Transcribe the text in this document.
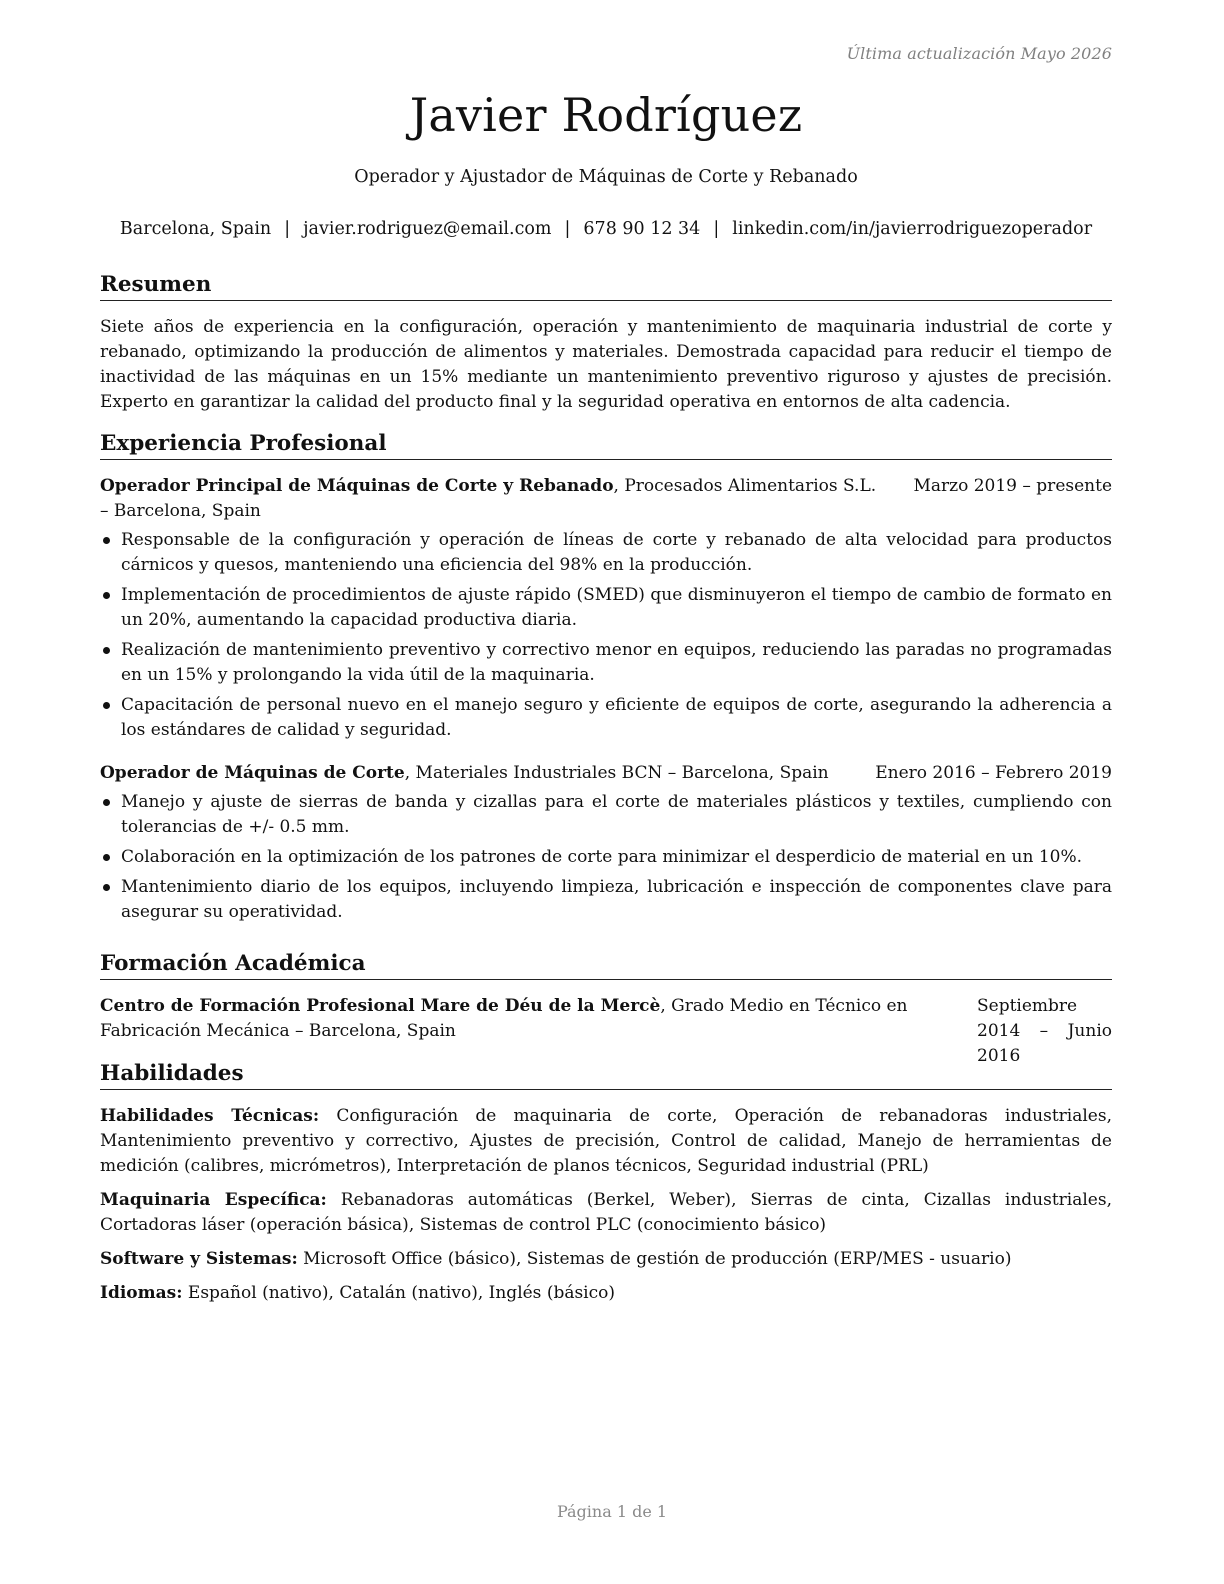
Última actualización Mayo 2026
Javier Rodríguez
Operador y Ajustador de Máquinas de Corte y Rebanado
Barcelona, Spain | javier.rodriguez@email.com | 678 90 12 34 | linkedin.com/in/javierrodriguezoperador
Resumen

Siete años de experiencia en la configuración, operación y mantenimiento de maquinaria industrial de corte y rebanado, optimizando la producción de alimentos y materiales. Demostrada capacidad para reducir el tiempo de inactividad de las máquinas en un 15% mediante un mantenimiento preventivo riguroso y ajustes de precisión. Experto en garantizar la calidad del producto final y la seguridad operativa en entornos de alta cadencia.

Experiencia Profesional
Operador Principal de Máquinas de Corte y Rebanado, Procesados Alimentarios S.L. – Barcelona, Spain
Marzo 2019 – presente
Responsable de la configuración y operación de líneas de corte y rebanado de alta velocidad para productos cárnicos y quesos, manteniendo una eficiencia del 98% en la producción.
Implementación de procedimientos de ajuste rápido (SMED) que disminuyeron el tiempo de cambio de formato en un 20%, aumentando la capacidad productiva diaria.
Realización de mantenimiento preventivo y correctivo menor en equipos, reduciendo las paradas no programadas en un 15% y prolongando la vida útil de la maquinaria.
Capacitación de personal nuevo en el manejo seguro y eficiente de equipos de corte, asegurando la adherencia a los estándares de calidad y seguridad.
Operador de Máquinas de Corte, Materiales Industriales BCN – Barcelona, Spain	Enero 2016 – Febrero 2019
Manejo y ajuste de sierras de banda y cizallas para el corte de materiales plásticos y textiles, cumpliendo con tolerancias de +/- 0.5 mm.
Colaboración en la optimización de los patrones de corte para minimizar el desperdicio de material en un 10%.
Mantenimiento diario de los equipos, incluyendo limpieza, lubricación e inspección de componentes clave para asegurar su operatividad.
Formación Académica
Centro de Formación Profesional Mare de Déu de la Mercè, Grado Medio en Técnico en Fabricación Mecánica – Barcelona, Spain
Septiembre 2014 – Junio 2016
Habilidades

Habilidades Técnicas: Configuración de maquinaria de corte, Operación de rebanadoras industriales, Mantenimiento preventivo y correctivo, Ajustes de precisión, Control de calidad, Manejo de herramientas de medición (calibres, micrómetros), Interpretación de planos técnicos, Seguridad industrial (PRL)

Maquinaria Específica: Rebanadoras automáticas (Berkel, Weber), Sierras de cinta, Cizallas industriales, Cortadoras láser (operación básica), Sistemas de control PLC (conocimiento básico)

Software y Sistemas: Microsoft Office (básico), Sistemas de gestión de producción (ERP/MES - usuario)

Idiomas: Español (nativo), Catalán (nativo), Inglés (básico)

Página 1 de 1
